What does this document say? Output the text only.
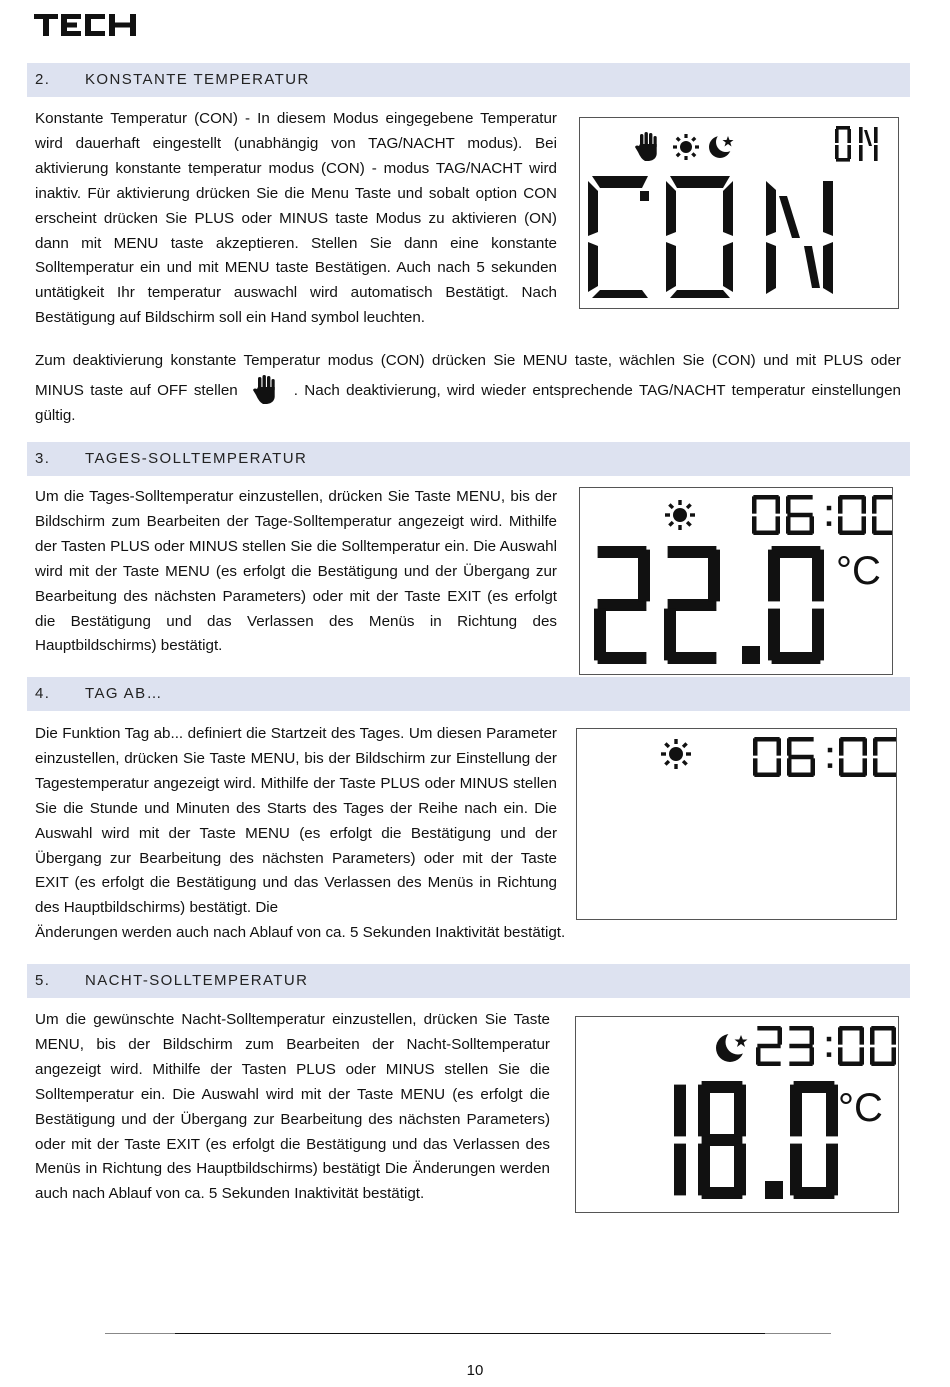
2. KONSTANTE TEMPERATUR

Konstante Temperatur (CON) - In diesem Modus eingegebene Temperatur wird dauerhaft eingestellt (unabhängig von TAG/NACHT modus). Bei aktivierung konstante temperatur modus (CON) - modus TAG/NACHT wird inaktiv. Für aktivierung drücken Sie die Menu Taste und sobalt option CON erscheint drücken Sie PLUS oder MINUS taste Modus zu aktivieren (ON) dann mit MENU taste akzeptieren. Stellen Sie dann eine konstante Solltemperatur ein und mit MENU taste Bestätigen. Auch nach 5 sekunden untätigkeit Ihr temperatur auswachl wird automatisch Bestätigt. Nach Bestätigung auf Bildschirm soll ein Hand symbol leuchten.

Zum deaktivierung konstante Temperatur modus (CON) drücken Sie MENU taste, wächlen Sie (CON) und mit PLUS oder MINUS taste auf OFF stellen	. Nach deaktivierung, wird wieder entsprechende TAG/NACHT temperatur einstellungen gültig.

3. TAGES-SOLLTEMPERATUR

Um die Tages-Solltemperatur einzustellen, drücken Sie Taste MENU, bis der Bildschirm zum Bearbeiten der Tage-Solltemperatur angezeigt wird. Mithilfe der Tasten PLUS oder MINUS stellen Sie die Solltemperatur ein. Die Auswahl wird mit der Taste MENU (es erfolgt die Bestätigung und der Übergang zur Bearbeitung des nächsten Parameters) oder mit der Taste EXIT (es erfolgt die Bestätigung und das Verlassen des Menüs in Richtung des Hauptbildschirms) bestätigt.

°C
4. TAG AB…

Die Funktion Tag ab... definiert die Startzeit des Tages. Um diesen Parameter einzustellen, drücken Sie Taste MENU, bis der Bildschirm zur Einstellung der Tagestemperatur angezeigt wird. Mithilfe der Taste PLUS oder MINUS stellen Sie die Stunde und Minuten des Starts des Tages der Reihe nach ein. Die Auswahl wird mit der Taste MENU (es erfolgt die Bestätigung und der Übergang zur Bearbeitung des nächsten Parameters) oder mit der Taste EXIT (es erfolgt die Bestätigung und das Verlassen des Menüs in Richtung des Hauptbildschirms) bestätigt. Die

Änderungen werden auch nach Ablauf von ca. 5 Sekunden Inaktivität bestätigt.

5. NACHT-SOLLTEMPERATUR

Um die gewünschte Nacht-Solltemperatur einzustellen, drücken Sie Taste MENU, bis der Bildschirm zum Bearbeiten der Nacht-Solltemperatur angezeigt wird. Mithilfe der Tasten PLUS oder MINUS stellen Sie die Solltemperatur ein. Die Auswahl wird mit der Taste MENU (es erfolgt die Bestätigung und der Übergang zur Bearbeitung des nächsten Parameters) oder mit der Taste EXIT (es erfolgt die Bestätigung und das Verlassen des Menüs in Richtung des Hauptbildschirms) bestätigt Die Änderungen werden auch nach Ablauf von ca. 5 Sekunden Inaktivität bestätigt.

°C
10
